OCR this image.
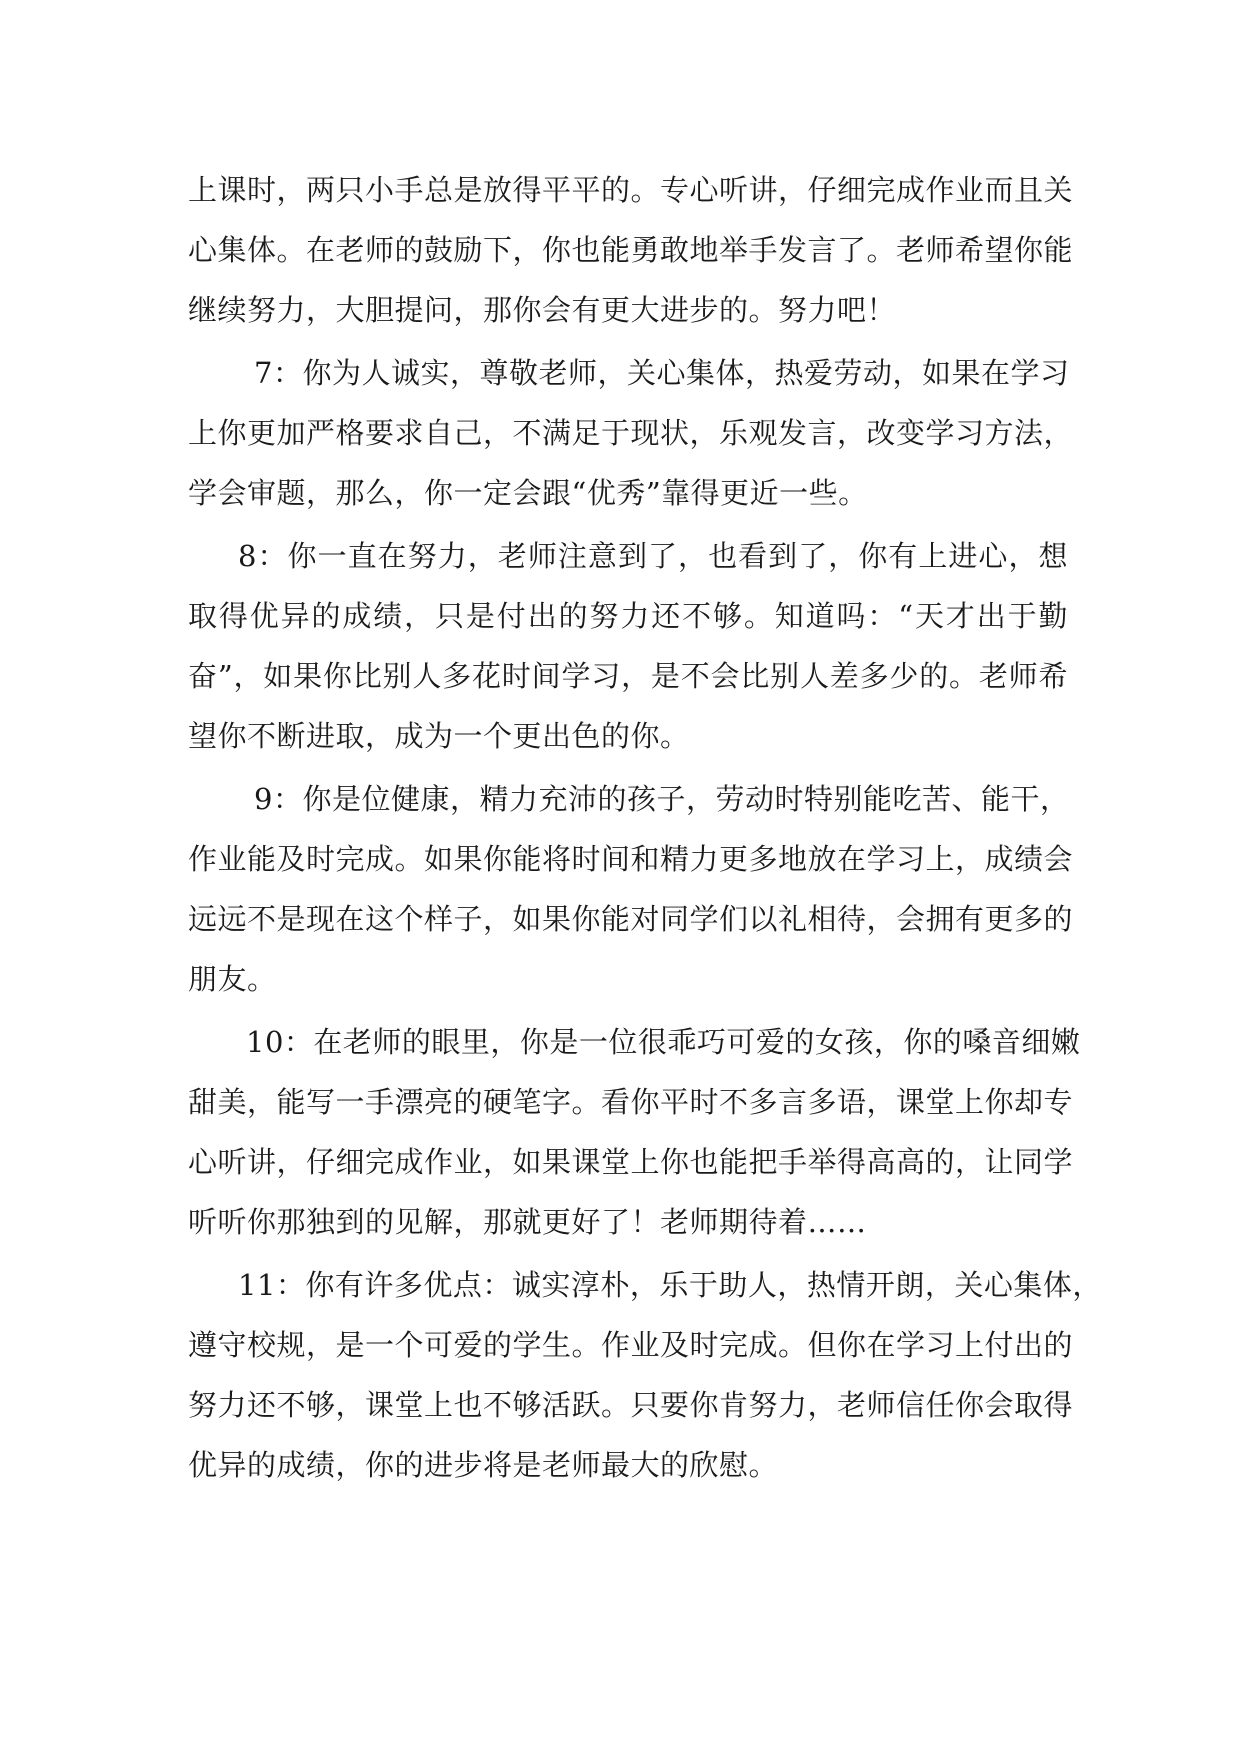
上课时，两只小手总是放得平平的。专心听讲，仔细完成作业而且关
心集体。在老师的鼓励下，你也能勇敢地举手发言了。老师希望你能
继续努力，大胆提问，那你会有更大进步的。努力吧！
7：你为人诚实，尊敬老师，关心集体，热爱劳动，如果在学习
上你更加严格要求自己，不满足于现状，乐观发言，改变学习方法，
学会审题，那么，你一定会跟“优秀”靠得更近一些。
8：你一直在努力，老师注意到了，也看到了，你有上进心，想
取得优异的成绩，只是付出的努力还不够。知道吗：“天才出于勤
奋”，如果你比别人多花时间学习，是不会比别人差多少的。老师希
望你不断进取，成为一个更出色的你。
9：你是位健康，精力充沛的孩子，劳动时特别能吃苦、能干，
作业能及时完成。如果你能将时间和精力更多地放在学习上，成绩会
远远不是现在这个样子，如果你能对同学们以礼相待，会拥有更多的
朋友。
10：在老师的眼里，你是一位很乖巧可爱的女孩，你的嗓音细嫩
甜美，能写一手漂亮的硬笔字。看你平时不多言多语，课堂上你却专
心听讲，仔细完成作业，如果课堂上你也能把手举得高高的，让同学
听听你那独到的见解，那就更好了！老师期待着……
11：你有许多优点：诚实淳朴，乐于助人，热情开朗，关心集体，
遵守校规，是一个可爱的学生。作业及时完成。但你在学习上付出的
努力还不够，课堂上也不够活跃。只要你肯努力，老师信任你会取得
优异的成绩，你的进步将是老师最大的欣慰。
